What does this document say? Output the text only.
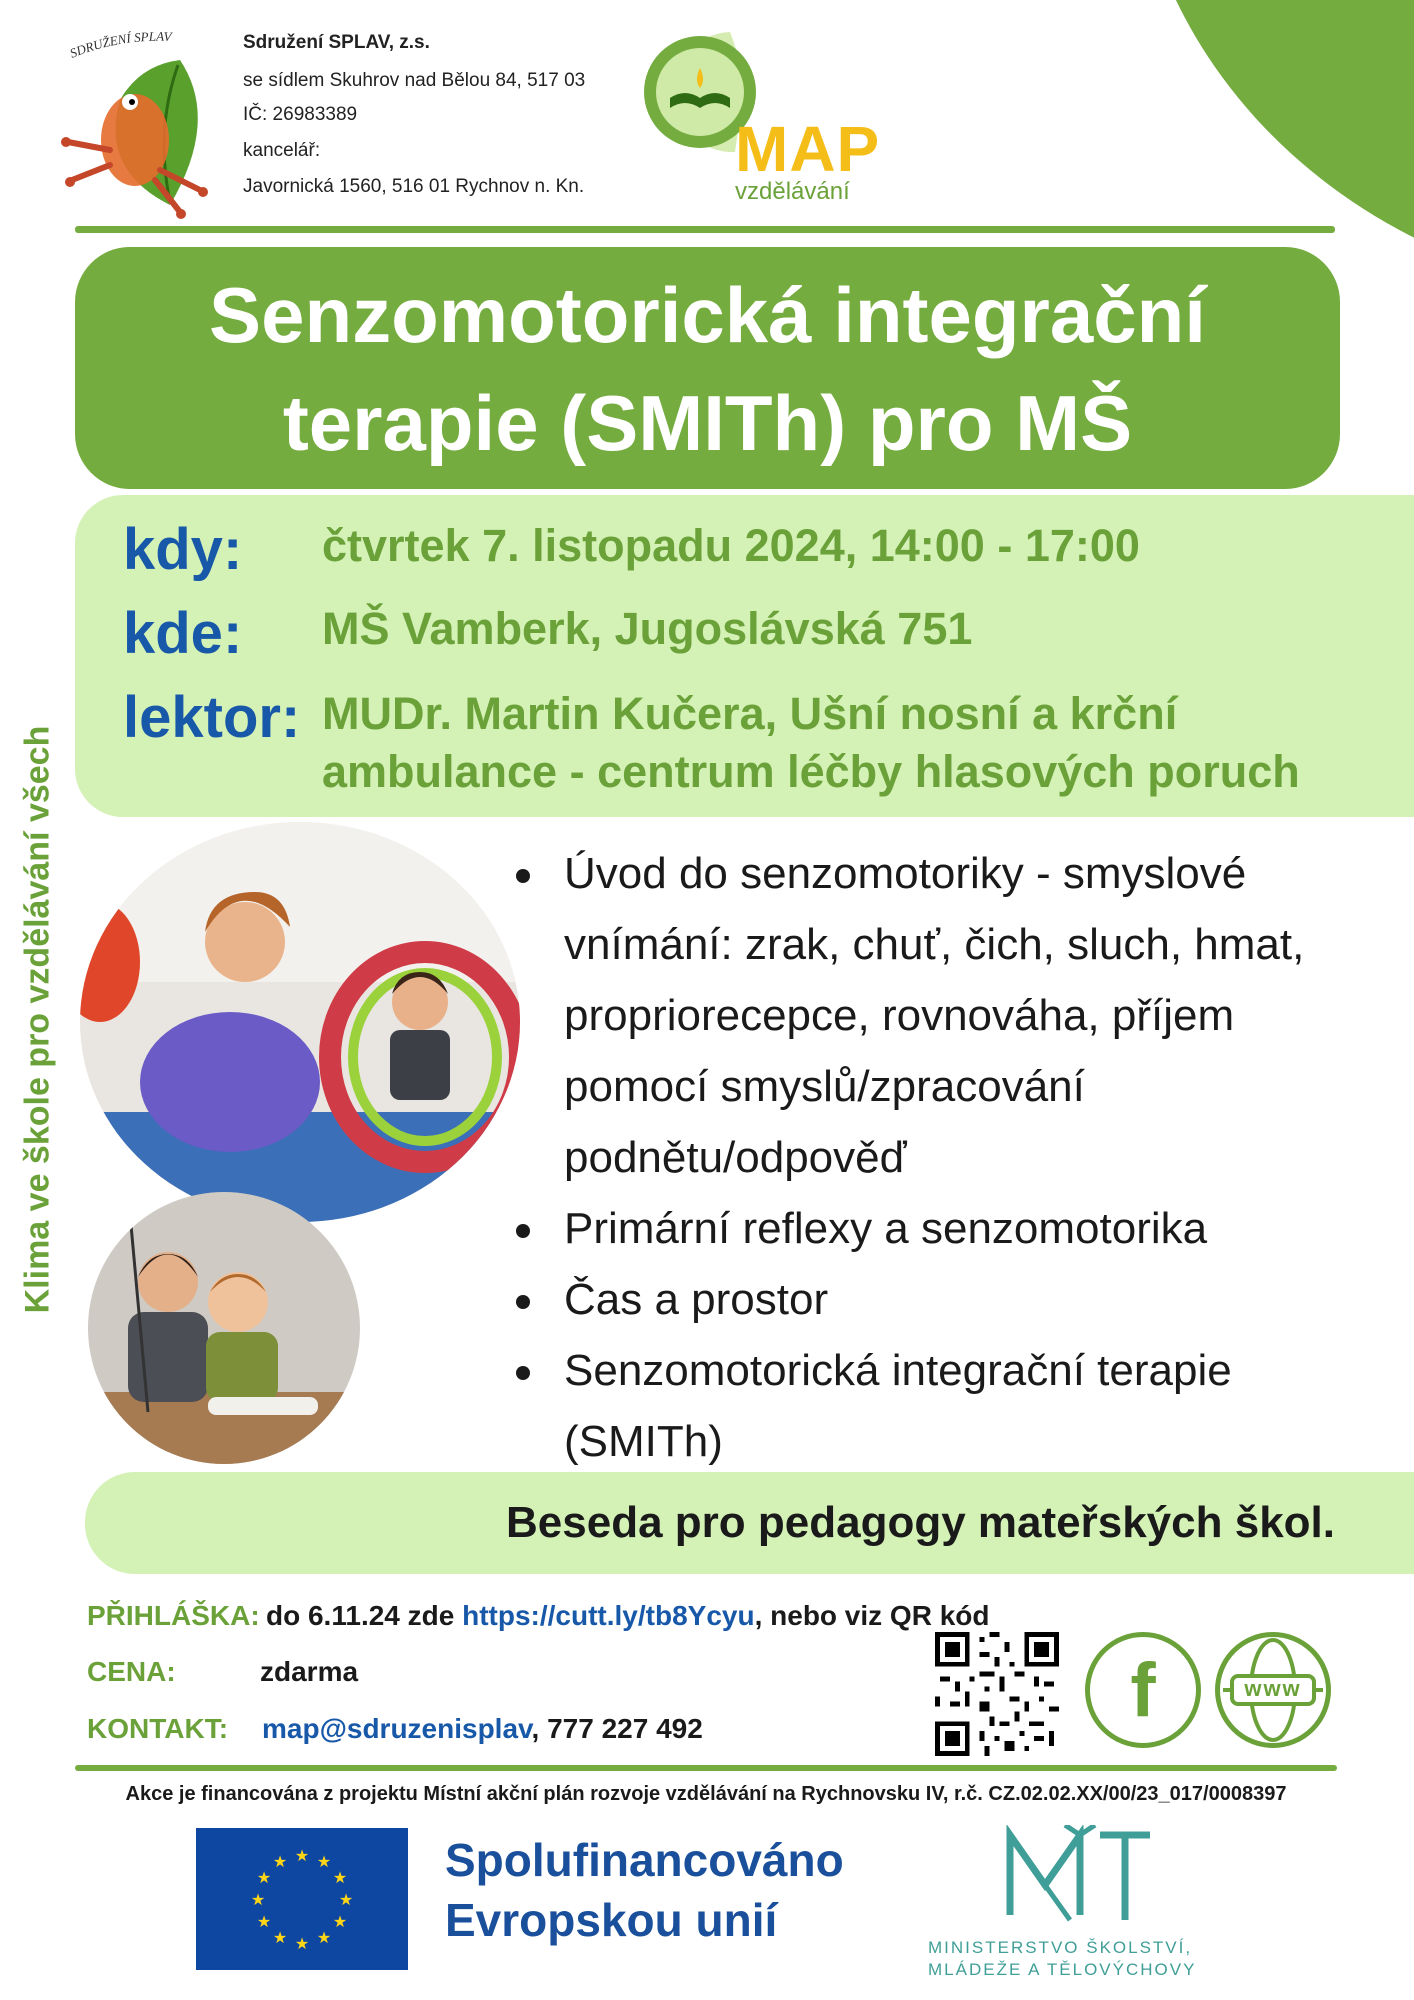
SDRUŽENÍ SPLAV	Sdružení SPLAV, z.s.
se sídlem Skuhrov nad Bělou 84, 517 03
IČ: 26983389
kancelář:
Javornická 1560, 516 01 Rychnov n. Kn.
MAP
vzdělávání
Senzomotorická integrační
terapie (SMITh) pro MŠ
kdy: čtvrtek 7. listopadu 2024, 14:00 - 17:00
kde: MŠ Vamberk, Jugoslávská 751
lektor: MUDr. Martin Kučera, Ušní nosní a krční
ambulance - centrum léčby hlasových poruch
Klima ve škole pro vzdělávání všech	Úvod do senzomotoriky - smyslové
vnímání: zrak, chuť, čich, sluch, hmat,
propriorecepce, rovnováha, příjem
pomocí smyslů/zpracování
podnětu/odpověď
Primární reflexy a senzomotorika
Čas a prostor
Senzomotorická integrační terapie
(SMITh)
Beseda pro pedagogy mateřských škol.
PŘIHLÁŠKA: do 6.11.24 zde https://cutt.ly/tb8Ycyu, nebo viz QR kód
CENA:	zdarma
KONTAKT: map@sdruzenisplav, 777 227 492	f	www
Akce je financována z projektu Místní akční plán rozvoje vzdělávání na Rychnovsku IV, r.č. CZ.02.02.XX/00/23_017/0008397
★ ★
★
★
★
★
★
★
★
★
★
★	Spolufinancováno
Evropskou unií
MINISTERSTVO ŠKOLSTVÍ,
MLÁDEŽE A TĚLOVÝCHOVY
